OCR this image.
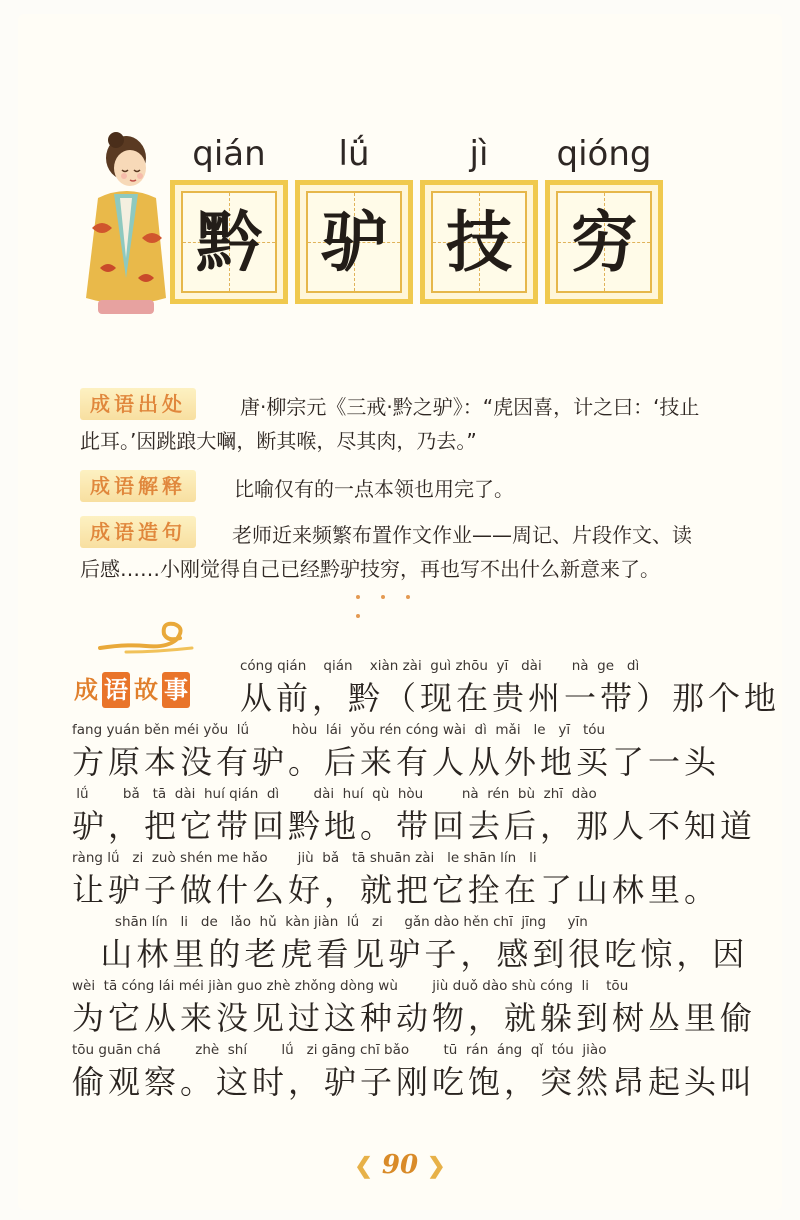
qián	lǘ	jì	qióng
黔 驴 技 穷
成语出处	唐·柳宗元《三戒·黔之驴》：“虎因喜，计之曰：‘技止
此耳。’因跳踉大㘎，断其喉，尽其肉，乃去。”
成语解释	比喻仅有的一点本领也用完了。
成语造句	老师近来频繁布置作文作业——周记、片段作文、读
后感……小刚觉得自己已经黔驴技穷，再也写不出什么新意来了。
成 语 故 事
cóng qián    qián    xiàn zài  guì zhōu  yī   dài       nà  ge   dì
从前，黔（现在贵州一带）那个地
fang yuán běn méi yǒu  lǘ          hòu  lái  yǒu rén cóng wài  dì  mǎi   le   yī   tóu
方原本没有驴。后来有人从外地买了一头
lǘ        bǎ   tā  dài  huí qián  dì        dài  huí  qù  hòu         nà  rén  bù  zhī  dào
驴，把它带回黔地。带回去后，那人不知道
ràng lǘ   zi  zuò shén me hǎo       jiù  bǎ   tā shuān zài   le shān lín   li
让驴子做什么好，就把它拴在了山林里。
shān lín   li   de   lǎo  hǔ  kàn jiàn  lǘ   zi     gǎn dào hěn chī  jīng     yīn
山林里的老虎看见驴子，感到很吃惊，因
wèi  tā cóng lái méi jiàn guo zhè zhǒng dòng wù        jiù duǒ dào shù cóng  li    tōu
为它从来没见过这种动物，就躲到树丛里偷
tōu guān chá        zhè  shí        lǘ   zi gāng chī bǎo        tū  rán  áng  qǐ  tóu  jiào
偷观察。这时，驴子刚吃饱，突然昂起头叫
❮ 90 ❯
